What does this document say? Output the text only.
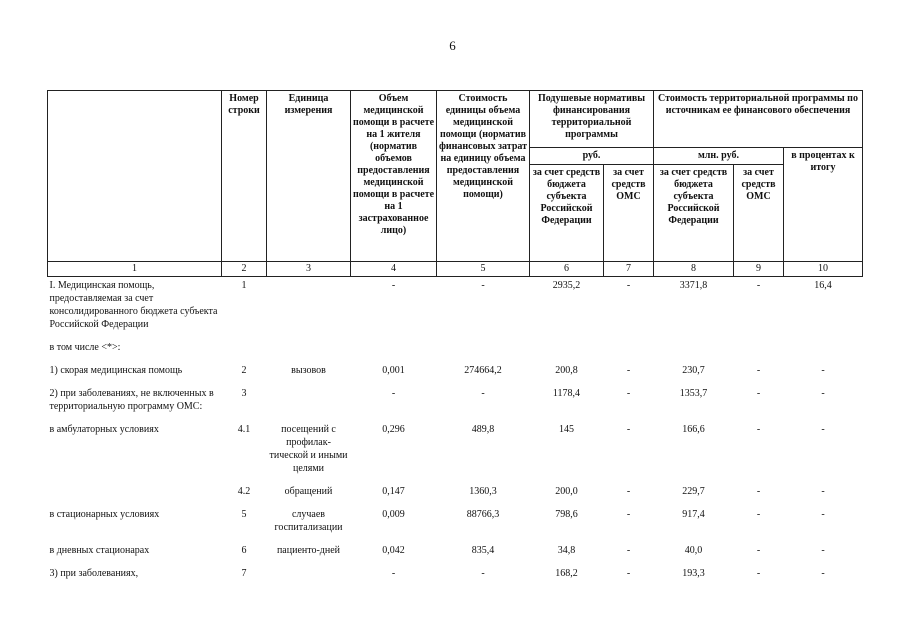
6
	Номер строки	Единица измерения	Объем медицинской помощи в расчете на 1 жителя (норматив объемов предоставления медицинской помощи в расчете на 1 застрахованное лицо)	Стоимость единицы объема медицинской помощи (норматив финансовых затрат на единицу объема предоставления медицинской помощи)	Подушевые нормативы финансирования территориальной программы		Стоимость территориальной программы по источникам ее финансового обеспечения		
					руб.		млн. руб.		в процентах к итогу
					за счет средств бюджета субъекта Российской Федерации	за счет средств ОМС	за счет средств бюджета субъекта Российской Федерации	за счет средств ОМС	
1	2	3	4	5	6	7	8	9	10
I. Медицинская помощь, предоставляемая за счет консолидированного бюджета субъекта Российской Федерации	1		-	-	2935,2	-	3371,8	-	16,4
в том числе <*>:									
1) скорая медицинская помощь	2	вызовов	0,001	274664,2	200,8	-	230,7	-	-
2) при заболеваниях, не включенных в территориальную программу ОМС:	3		-	-	1178,4	-	1353,7	-	-
в амбулаторных условиях	4.1	посещений с профилак-тической и иными целями	0,296	489,8	145	-	166,6	-	-
	4.2	обращений	0,147	1360,3	200,0	-	229,7	-	-
в стационарных условиях	5	случаев госпитализации	0,009	88766,3	798,6	-	917,4	-	-
в дневных стационарах	6	пациенто-дней	0,042	835,4	34,8	-	40,0	-	-
3) при заболеваниях,	7		-	-	168,2	-	193,3	-	-
